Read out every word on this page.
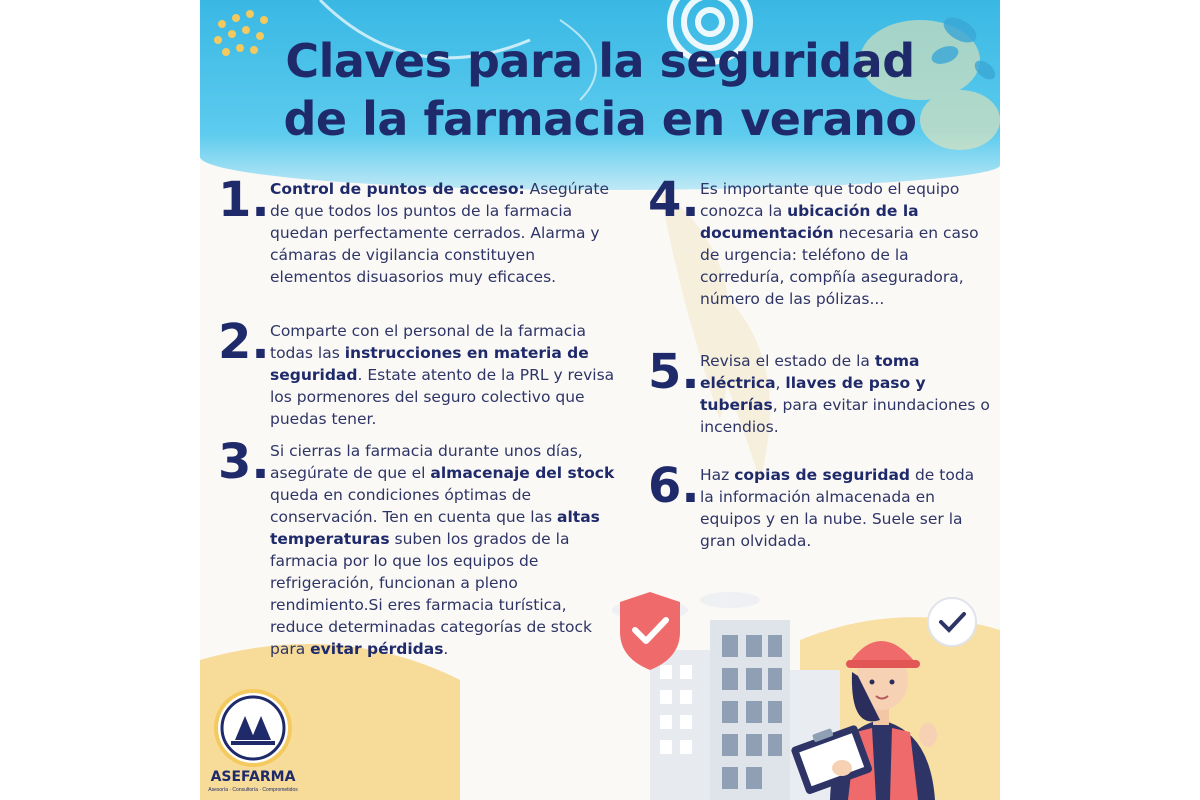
Claves para la seguridad
de la farmacia en verano
1. Control de puntos de acceso: Asegúrate de que todos los puntos de la farmacia quedan perfectamente cerrados. Alarma y cámaras de vigilancia constituyen elementos disuasorios muy eficaces.
2. Comparte con el personal de la farmacia todas las instrucciones en materia de seguridad. Estate atento de la PRL y revisa los pormenores del seguro colectivo que puedas tener.
3. Si cierras la farmacia durante unos días, asegúrate de que el almacenaje del stock queda en condiciones óptimas de conservación. Ten en cuenta que las altas temperaturas suben los grados de la farmacia por lo que los equipos de refrigeración, funcionan a pleno rendimiento.Si eres farmacia turística, reduce determinadas categorías de stock para evitar pérdidas.
4. Es importante que todo el equipo conozca la ubicación de la documentación necesaria en caso de urgencia: teléfono de la correduría, compñía aseguradora, número de las pólizas...
5. Revisa el estado de la toma eléctrica, llaves de paso y tuberías, para evitar inundaciones o incendios.
6. Haz copias de seguridad de toda la información almacenada en equipos y en la nube. Suele ser la gran olvidada.
ASEFARMA
Asesoría · Consultoría · Comprometidos
